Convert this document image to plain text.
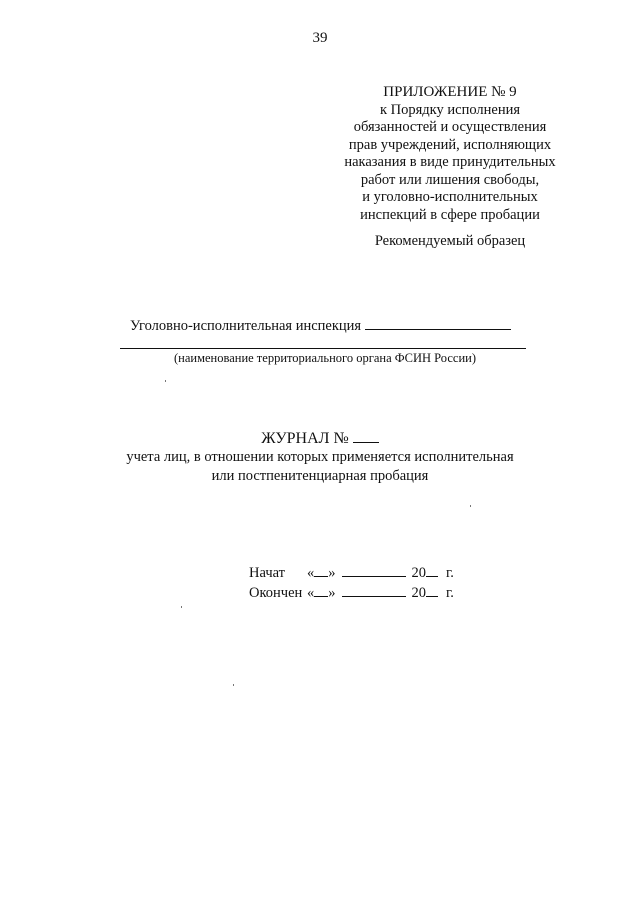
39
ПРИЛОЖЕНИЕ № 9
к Порядку исполнения
обязанностей и осуществления
прав учреждений, исполняющих
наказания в виде принудительных
работ или лишения свободы,
и уголовно-исполнительных
инспекций в сфере пробации
Рекомендуемый образец
Уголовно-исполнительная инспекция
(наименование территориального органа ФСИН России)
ЖУРНАЛ №
учета лиц, в отношении которых применяется исполнительная
или постпенитенциарная пробация
Начат	« »	20 г.
Окончен « »	20 г.
